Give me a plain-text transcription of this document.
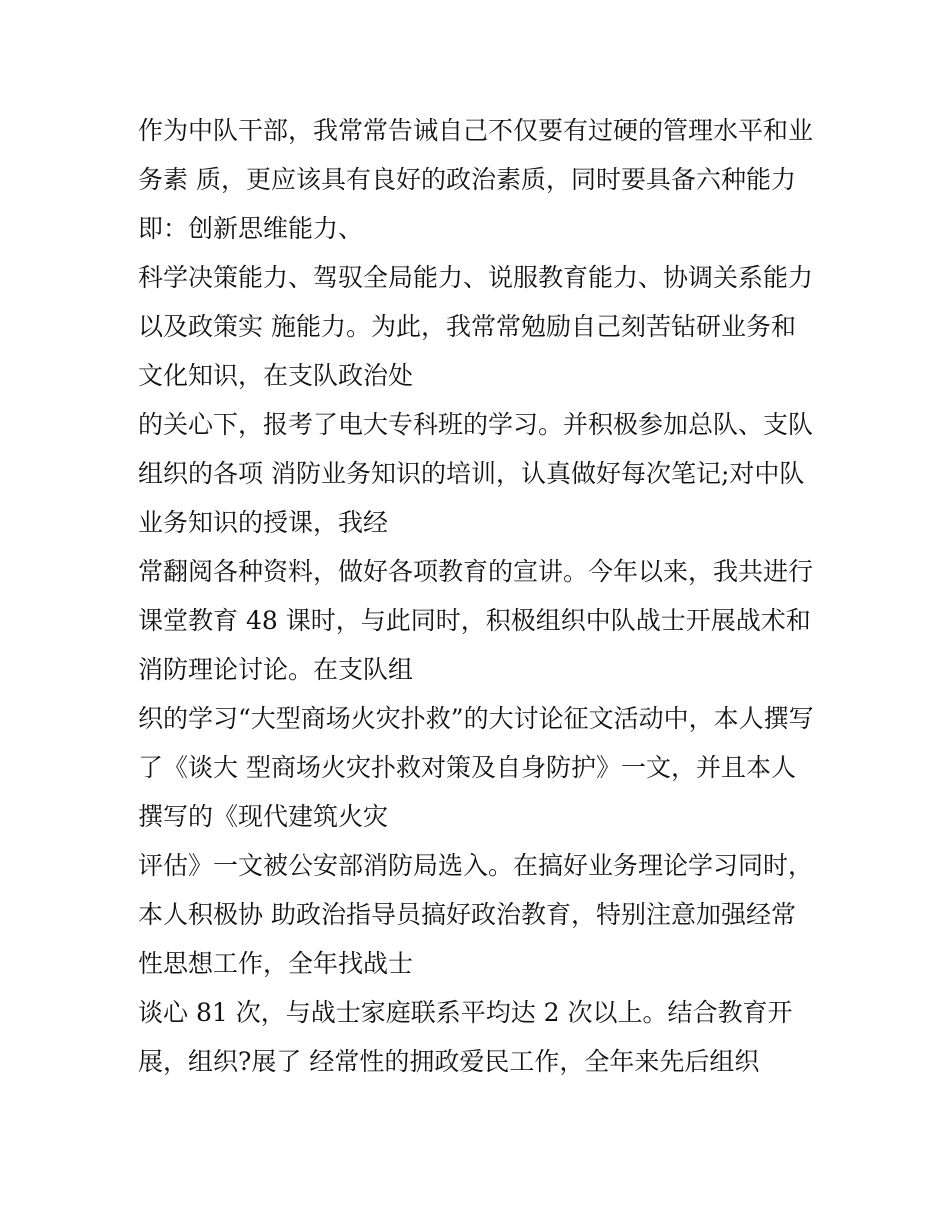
作为中队干部，我常常告诫自己不仅要有过硬的管理水平和业
务素 质，更应该具有良好的政治素质，同时要具备六种能力
即：创新思维能力、
科学决策能力、驾驭全局能力、说服教育能力、协调关系能力
以及政策实 施能力。为此，我常常勉励自己刻苦钻研业务和
文化知识，在支队政治处
的关心下，报考了电大专科班的学习。并积极参加总队、支队
组织的各项 消防业务知识的培训，认真做好每次笔记;对中队
业务知识的授课，我经
常翻阅各种资料，做好各项教育的宣讲。今年以来，我共进行
课堂教育 48 课时，与此同时，积极组织中队战士开展战术和
消防理论讨论。在支队组
织的学习“大型商场火灾扑救”的大讨论征文活动中，本人撰写
了《谈大 型商场火灾扑救对策及自身防护》一文，并且本人
撰写的《现代建筑火灾
评估》一文被公安部消防局选入。在搞好业务理论学习同时，
本人积极协 助政治指导员搞好政治教育，特别注意加强经常
性思想工作，全年找战士
谈心 81 次，与战士家庭联系平均达 2 次以上。结合教育开
展，组织?展了 经常性的拥政爱民工作，全年来先后组织
